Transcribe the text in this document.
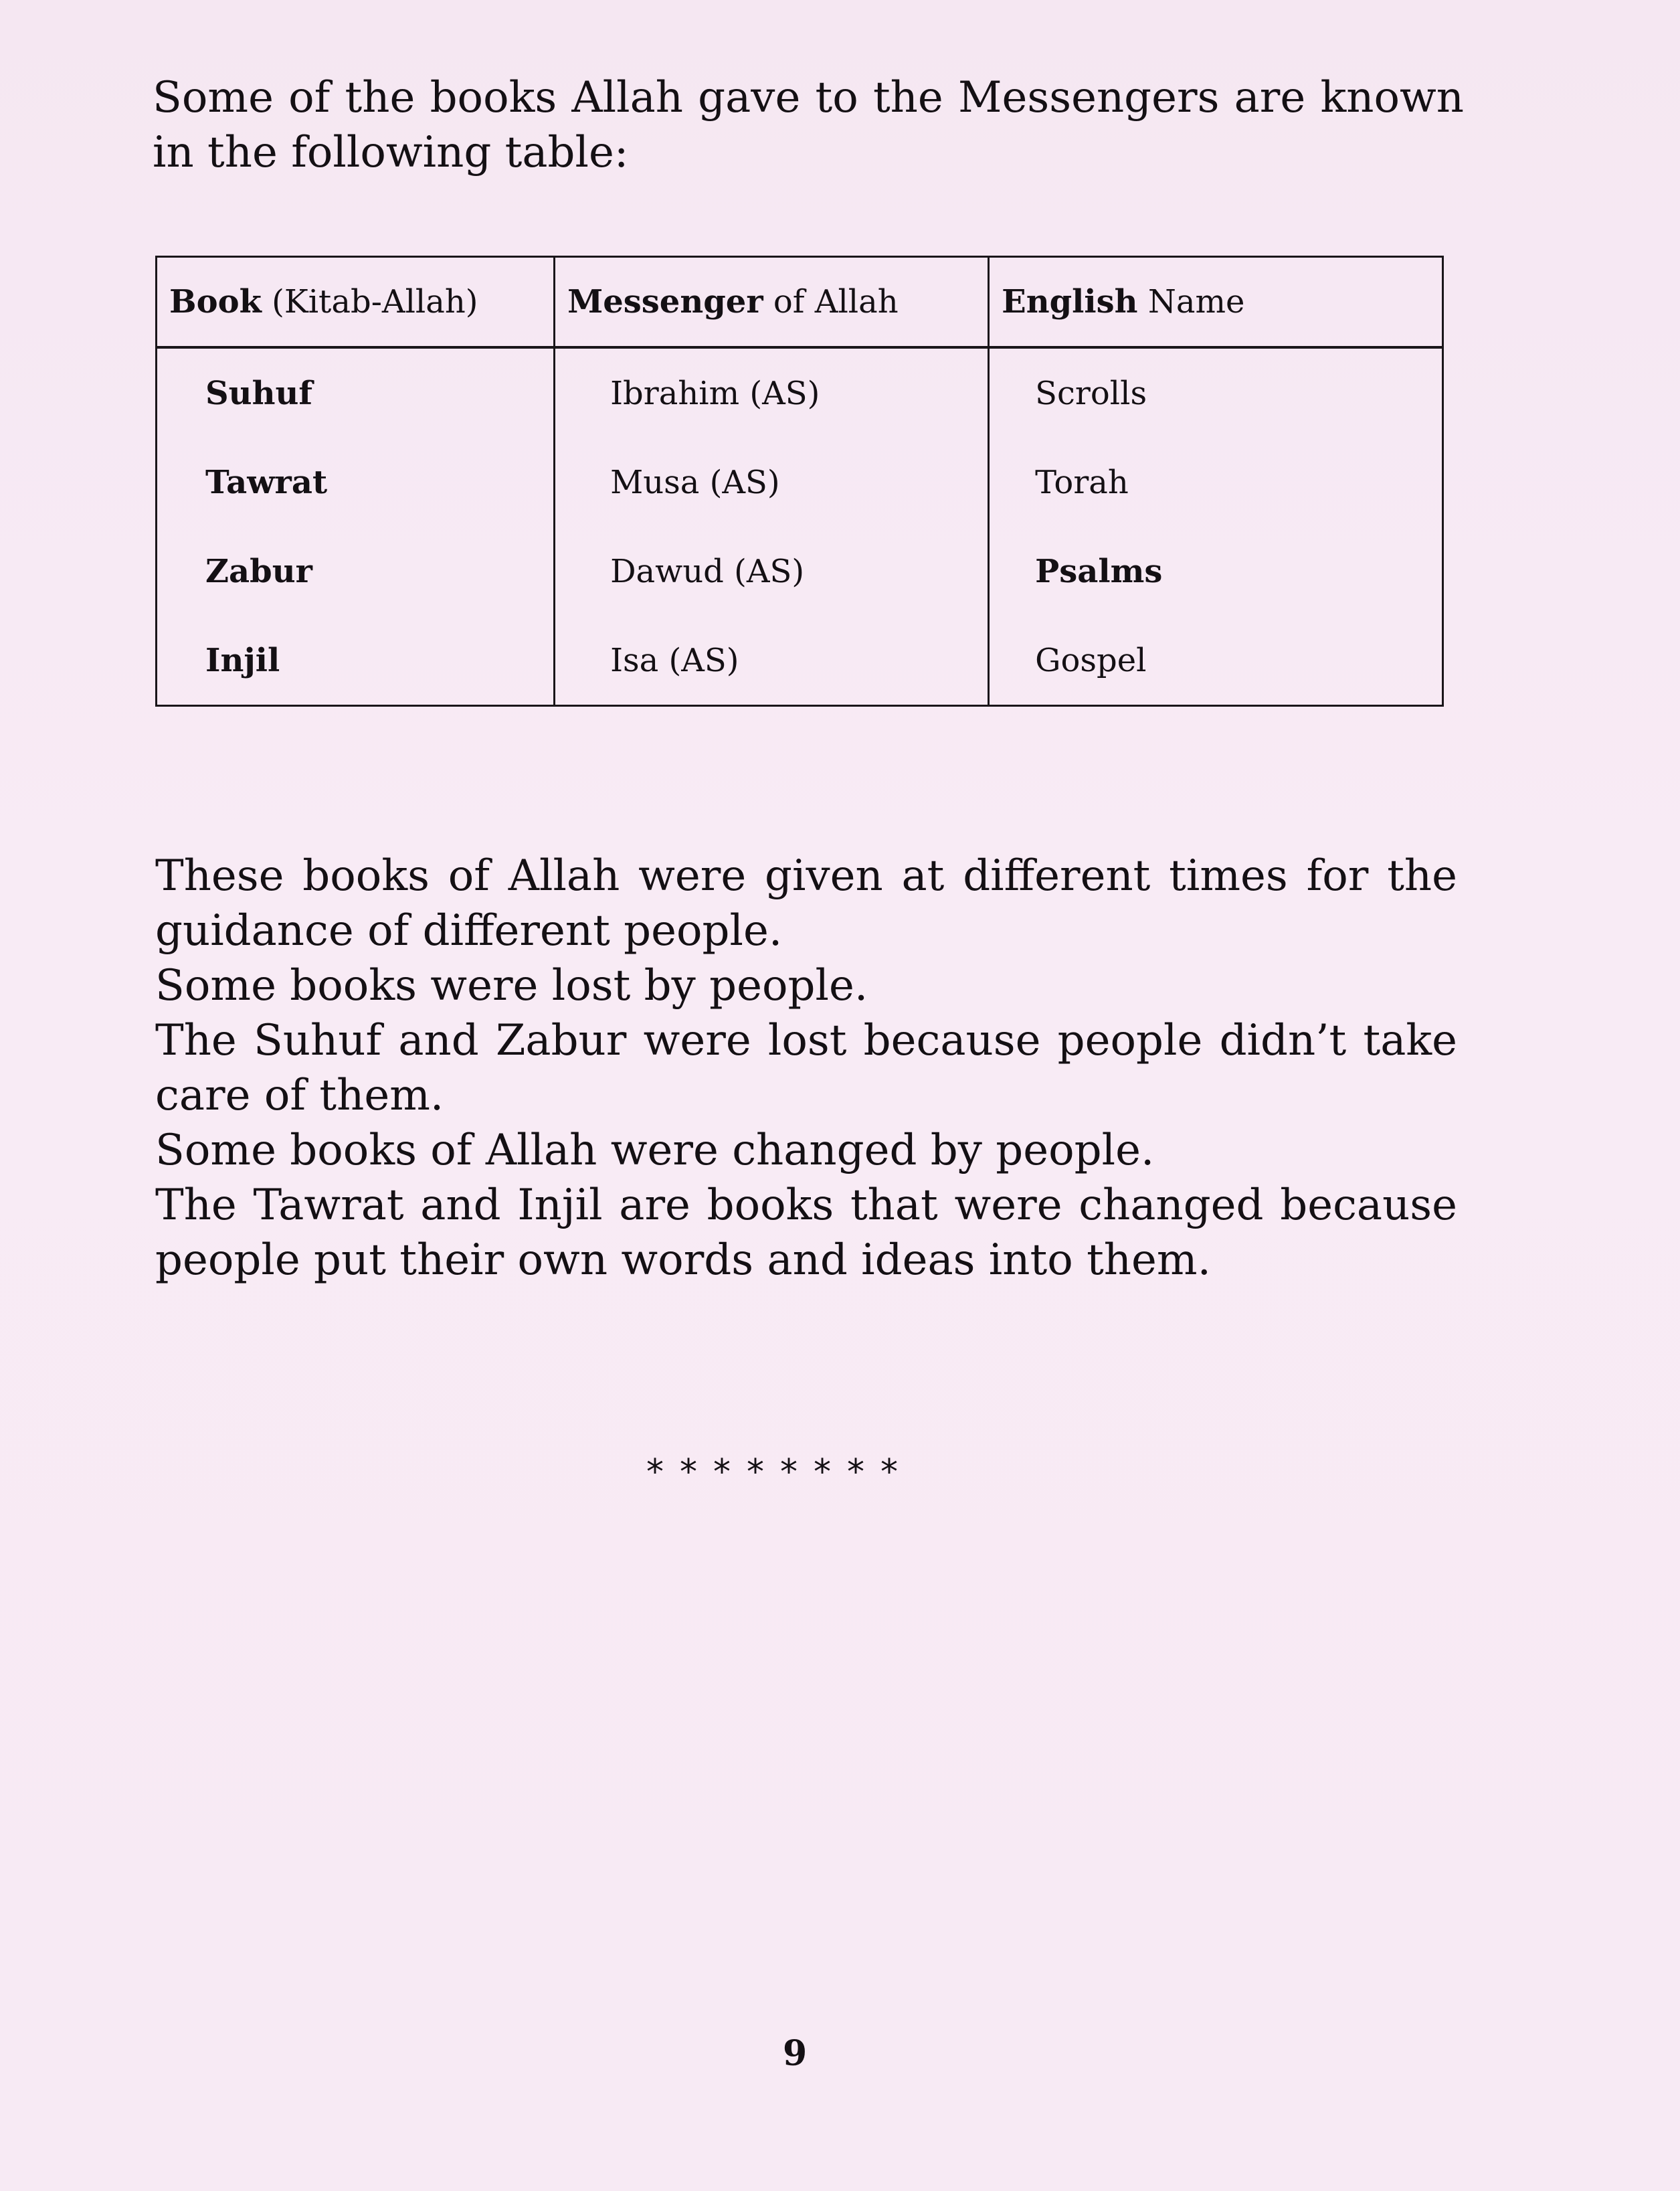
Some of the books Allah gave to the Messengers are known in the following table:
Book (Kitab-Allah)	Messenger of Allah	English Name
Suhuf	Ibrahim (AS)	Scrolls
Tawrat	Musa (AS)	Torah
Zabur	Dawud (AS)	Psalms
Injil	Isa (AS)	Gospel

These books of Allah were given at different times for the guidance of different people.

Some books were lost by people.

The Suhuf and Zabur were lost because people didn’t take care of them.

Some books of Allah were changed by people.

The Tawrat and Injil are books that were changed because people put their own words and ideas into them.

********
9
